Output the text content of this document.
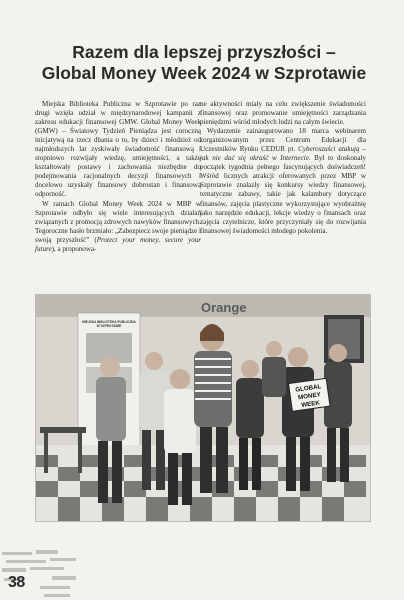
Razem dla lepszej przyszłości –
Global Money Week 2024 w Szprotawie

Miejska Biblioteka Publiczna w Szprotawie po raz drugi wzięła udział w międzynarodowej kampanii z zakresu edukacji finansowej GMW. Global Money Week (GMW) – Światowy Tydzień Pieniądza jest coroczną inicjatywą na rzecz dbania o to, by dzieci i młodzież od najmłodszych lat zyskiwały świadomość finansową i stopniowo rozwijały wiedzę, umiejętności, a także kształtowały postawy i zachowania niezbędne do podejmowania racjonalnych decyzji finansowych i docelowo uzyskały finansowy dobrostan i finansową odporność.

W ramach Global Money Week 2024 w MBP w Szprotawie odbyło się wiele interesujących działań związanych z promocją zdrowych nawyków finansowych. Tegoroczne hasło brzmiało: „Zabezpiecz swoje pieniądze i swoją przyszłość” (Protect your money, secure your future), a proponowa-

ne aktywności miały na celu zwiększenie świadomości finansowej oraz promowanie umiejętności zarządzania pieniędzmi wśród młodych ludzi na całym świecie.

Wydarzenie zainaugurowano 18 marca webinarem zorganizowanym przez Centrum Edukacji dla Uczestników Rynku CEDUR pt. Cyberoszuści atakują – jak nie dać się okraść w Internecie. Był to doskonały początek tygodnia pełnego fascynujących doświadczeń! Wśród licznych atrakcji oferowanych przez MBP w Szprotawie znalazły się konkursy wiedzy finansowej, tematyczne zabawy, takie jak kalambury dotyczące finansów, zajęcia plastyczne wykorzystujące wyobraźnię jako narzędzie edukacji, lekcje wiedzy o finansach oraz zajęcia czytelnicze, które przyczyniały się do rozwijania finansowej świadomości młodego pokolenia.

Orange
MIEJSKA BIBLIOTEKA PUBLICZNA
W SZPROTAWIE
GLOBAL
MONEY
WEEK
38
